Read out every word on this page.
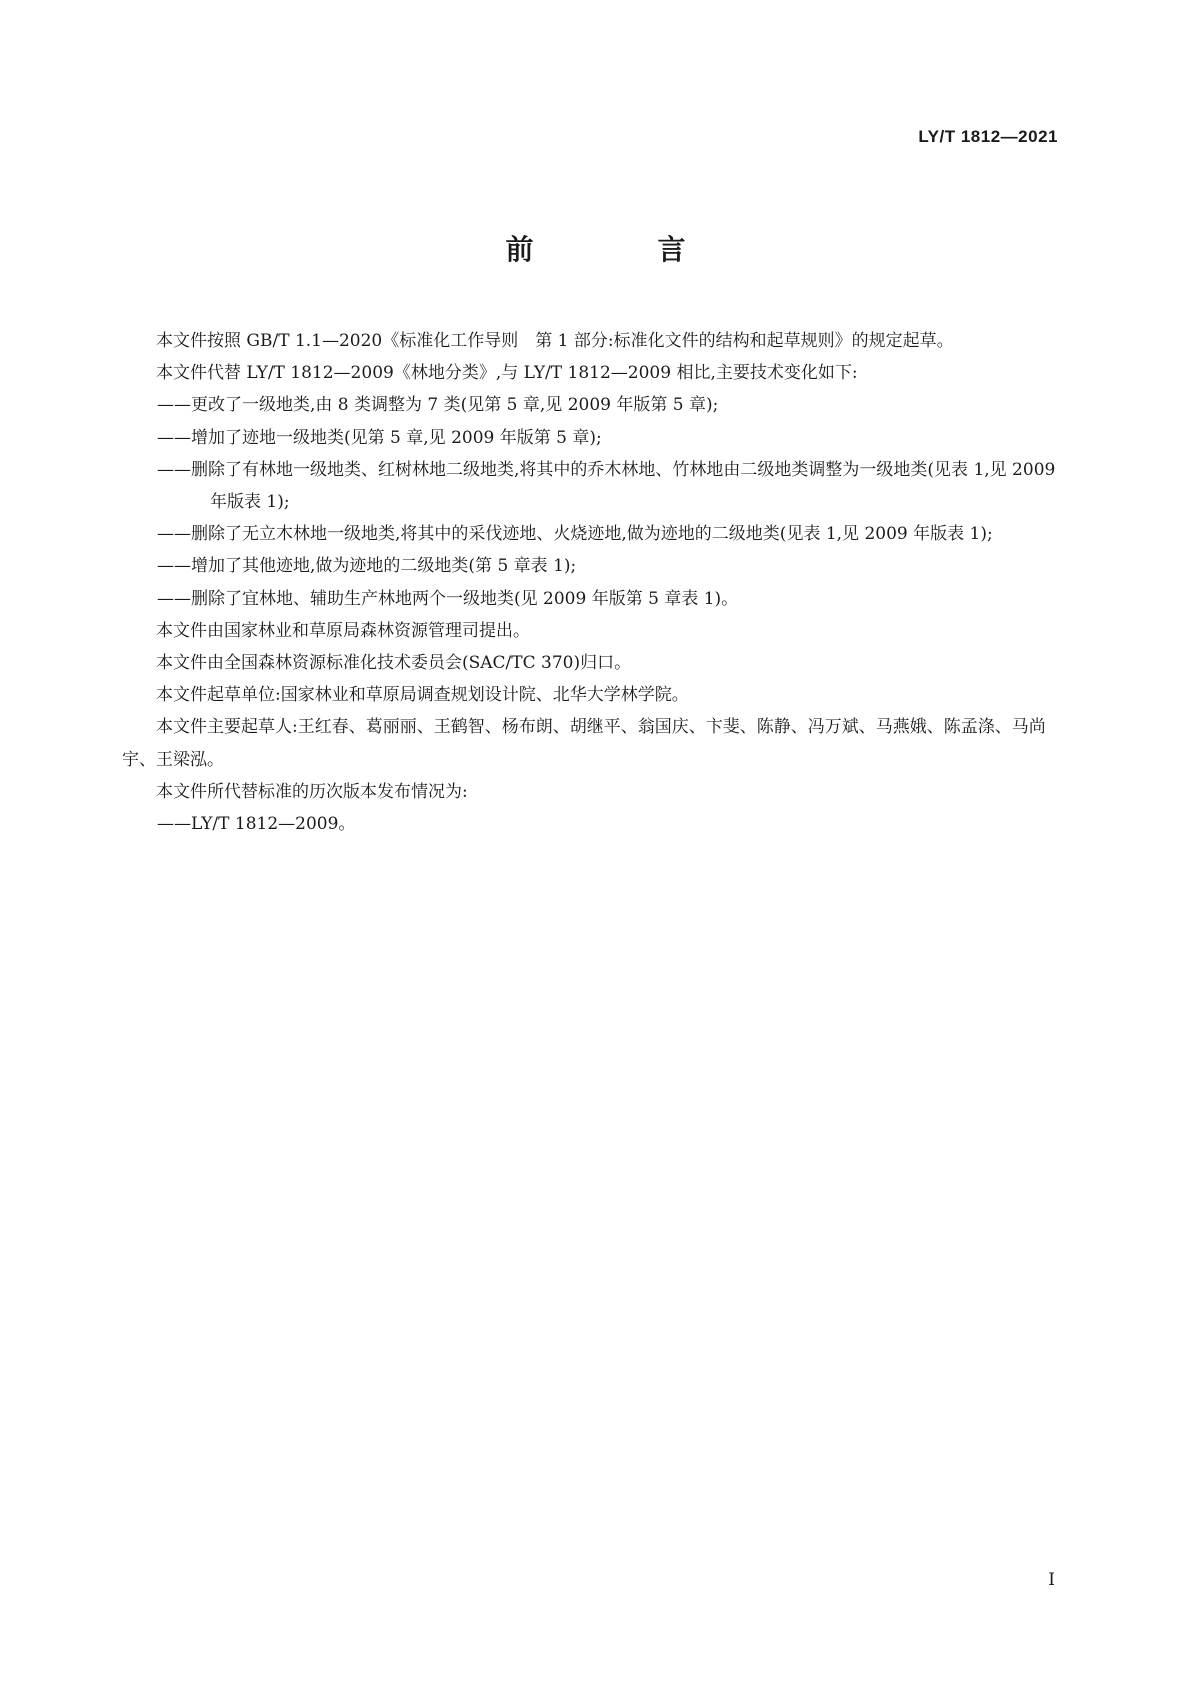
LY/T 1812—2021
前　言

本文件按照 GB/T 1.1—2020《标准化工作导则　第 1 部分:标准化文件的结构和起草规则》的规定起草。

本文件代替 LY/T 1812—2009《林地分类》,与 LY/T 1812—2009 相比,主要技术变化如下:

——更改了一级地类,由 8 类调整为 7 类(见第 5 章,见 2009 年版第 5 章);

——增加了迹地一级地类(见第 5 章,见 2009 年版第 5 章);

——删除了有林地一级地类、红树林地二级地类,将其中的乔木林地、竹林地由二级地类调整为一级地类(见表 1,见 2009 年版表 1);

——删除了无立木林地一级地类,将其中的采伐迹地、火烧迹地,做为迹地的二级地类(见表 1,见 2009 年版表 1);

——增加了其他迹地,做为迹地的二级地类(第 5 章表 1);

——删除了宜林地、辅助生产林地两个一级地类(见 2009 年版第 5 章表 1)。

本文件由国家林业和草原局森林资源管理司提出。

本文件由全国森林资源标准化技术委员会(SAC/TC 370)归口。

本文件起草单位:国家林业和草原局调查规划设计院、北华大学林学院。

本文件主要起草人:王红春、葛丽丽、王鹤智、杨布朗、胡继平、翁国庆、卞斐、陈静、冯万斌、马燕娥、陈孟涤、马尚宇、王梁泓。

本文件所代替标准的历次版本发布情况为:

——LY/T 1812—2009。

I
